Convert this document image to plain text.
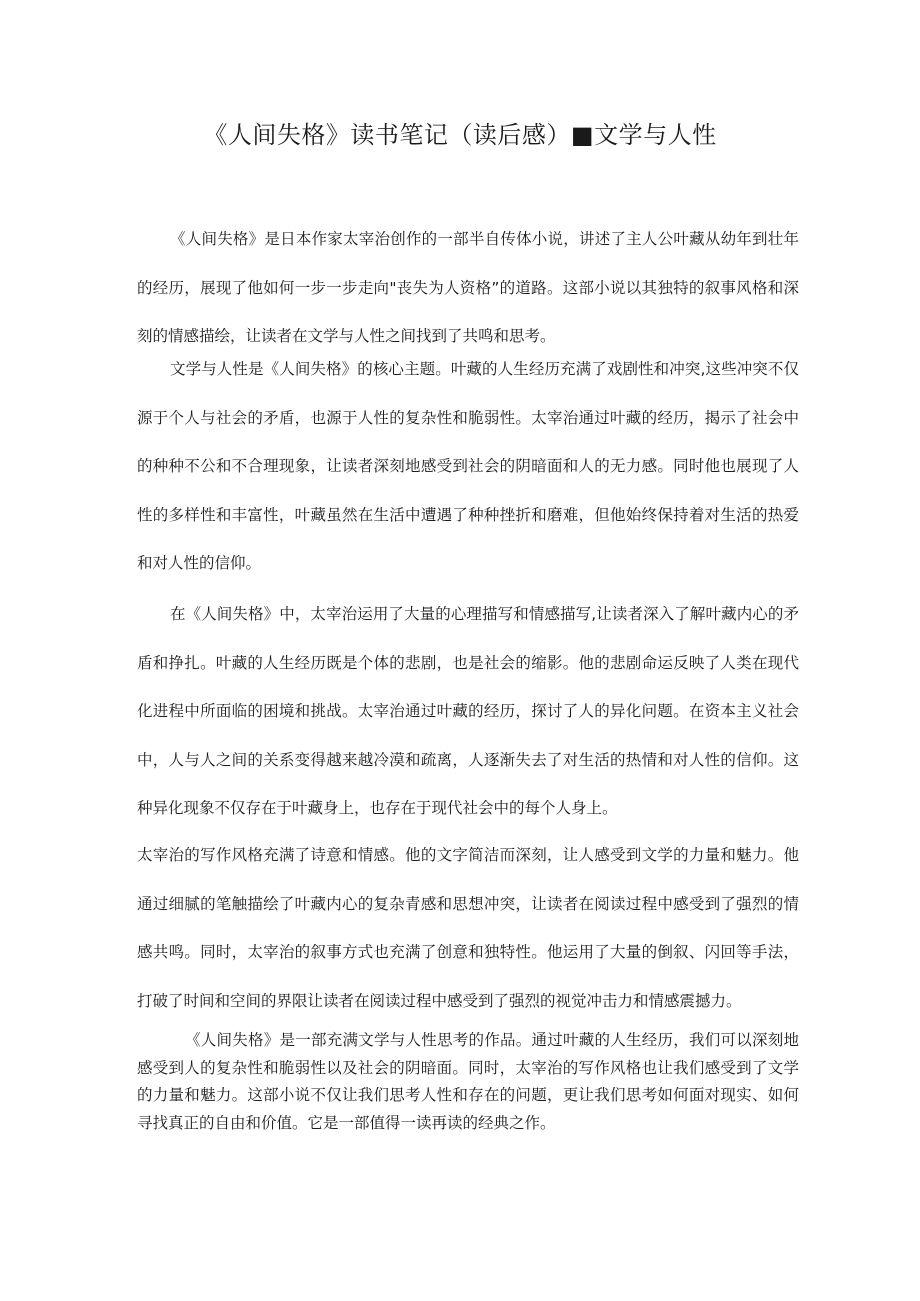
《人间失格》读书笔记（读后感）■文学与人性

《人间失格》是日本作家太宰治创作的一部半自传体小说，讲述了主人公叶藏从幼年到壮年的经历，展现了他如何一步一步走向"丧失为人资格”的道路。这部小说以其独特的叙事风格和深刻的情感描绘，让读者在文学与人性之间找到了共鸣和思考。

文学与人性是《人间失格》的核心主题。叶藏的人生经历充满了戏剧性和冲突,这些冲突不仅源于个人与社会的矛盾，也源于人性的复杂性和脆弱性。太宰治通过叶藏的经历，揭示了社会中的种种不公和不合理现象，让读者深刻地感受到社会的阴暗面和人的无力感。同时他也展现了人性的多样性和丰富性，叶藏虽然在生活中遭遇了种种挫折和磨难，但他始终保持着对生活的热爱和对人性的信仰。

在《人间失格》中，太宰治运用了大量的心理描写和情感描写,让读者深入了解叶藏内心的矛盾和挣扎。叶藏的人生经历既是个体的悲剧，也是社会的缩影。他的悲剧命运反映了人类在现代化进程中所面临的困境和挑战。太宰治通过叶藏的经历，探讨了人的异化问题。在资本主义社会中，人与人之间的关系变得越来越冷漠和疏离，人逐渐失去了对生活的热情和对人性的信仰。这种异化现象不仅存在于叶藏身上，也存在于现代社会中的每个人身上。

太宰治的写作风格充满了诗意和情感。他的文字简洁而深刻，让人感受到文学的力量和魅力。他通过细腻的笔触描绘了叶藏内心的复杂青感和思想冲突，让读者在阅读过程中感受到了强烈的情感共鸣。同时，太宰治的叙事方式也充满了创意和独特性。他运用了大量的倒叙、闪回等手法，打破了时间和空间的界限让读者在阅读过程中感受到了强烈的视觉冲击力和情感震撼力。

《人间失格》是一部充满文学与人性思考的作品。通过叶藏的人生经历，我们可以深刻地感受到人的复杂性和脆弱性以及社会的阴暗面。同时，太宰治的写作风格也让我们感受到了文学的力量和魅力。这部小说不仅让我们思考人性和存在的问题，更让我们思考如何面对现实、如何寻找真正的自由和价值。它是一部值得一读再读的经典之作。
